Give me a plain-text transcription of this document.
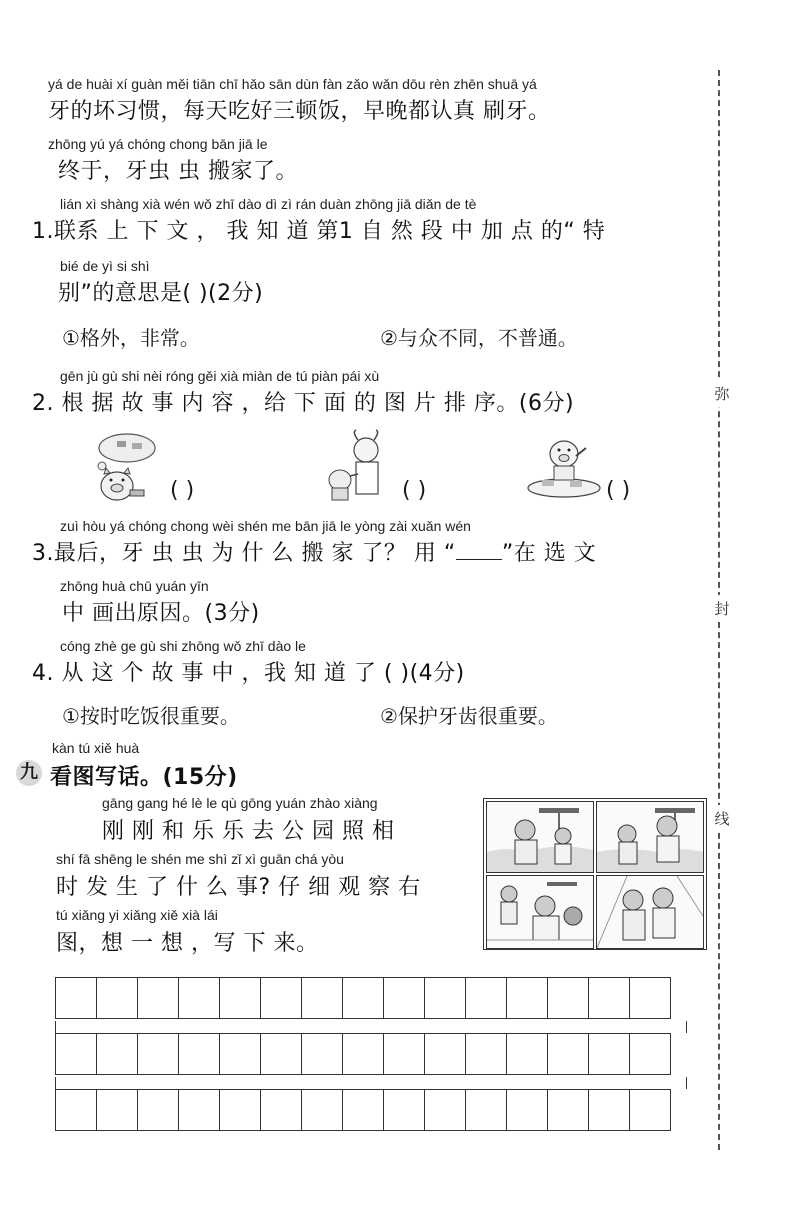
弥
封
线
yá de huài xí guàn měi tiān chī hǎo sān dùn fàn zǎo wǎn dōu rèn zhēn shuā yá
牙的坏习惯，每天吃好三顿饭，早晚都认真 刷牙。
zhōng yú yá chóng chong bān jiā le
终于，牙虫 虫 搬家了。
lián xì shàng xià wén wǒ zhī dào dì zì rán duàn zhōng jiā diǎn de tè
1.联系 上 下 文 ， 我 知 道 第1 自 然 段 中 加 点 的“ 特
bié de yì si shì
别”的意思是( )(2分)
①格外，非常。	②与众不同，不普通。
gēn jù gù shi nèi róng gěi xià miàn de tú piàn pái xù
2. 根 据 故 事 内 容 ，给 下 面 的 图 片 排 序。(6分)
( )	( )	( )
zuì hòu yá chóng chong wèi shén me bān jiā le yòng zài xuǎn wén
3.最后，牙 虫 虫 为 什 么 搬 家 了？ 用 “ ”在 选 文
zhōng huà chū yuán yīn
中 画出原因。(3分)
cóng zhè ge gù shi zhōng wǒ zhī dào le
4. 从 这 个 故 事 中 ，我 知 道 了 ( )(4分)
①按时吃饭很重要。	②保护牙齿很重要。
九
kàn tú xiě huà
看图写话。(15分)
gāng gang hé lè le qù gōng yuán zhào xiàng
刚 刚 和 乐 乐 去 公 园 照 相
shí fā shēng le shén me shì zǐ xì guān chá yòu
时 发 生 了 什 么 事? 仔 细 观 察 右
tú xiǎng yi xiǎng xiě xià lái
图，想 一 想 ，写 下 来。
